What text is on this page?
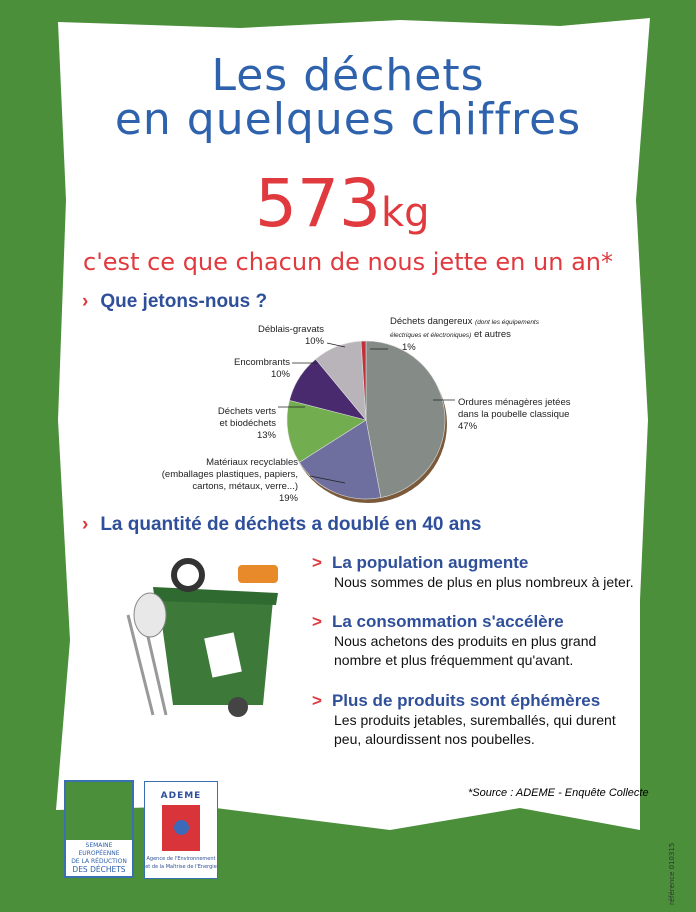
Les déchets
en quelques chiffres
573kg
c'est ce que chacun de nous jette en un an*
› Que jetons-nous ?
Déblais-gravats
10%
Déchets dangereux (dont les équipements
électriques et électroniques) et autres
1%
Encombrants
10%
Déchets verts
et biodéchets
13%
Matériaux recyclables
(emballages plastiques, papiers,
cartons, métaux, verre...)
19%
Ordures ménagères jetées
dans la poubelle classique
47%
› La quantité de déchets a doublé en 40 ans
> La population augmente
Nous sommes de plus en plus nombreux à jeter.
> La consommation s'accélère
Nous achetons des produits en plus grand
nombre et plus fréquemment qu'avant.
> Plus de produits sont éphémères
Les produits jetables, suremballés, qui durent
peu, alourdissent nos poubelles.
*Source : ADEME - Enquête Collecte
SEMAINE EUROPÉENNE
DE LA RÉDUCTION
DES DÉCHETS
ADEME
Agence de l'Environnement
et de la Maîtrise de l'Energie	référence 010315
